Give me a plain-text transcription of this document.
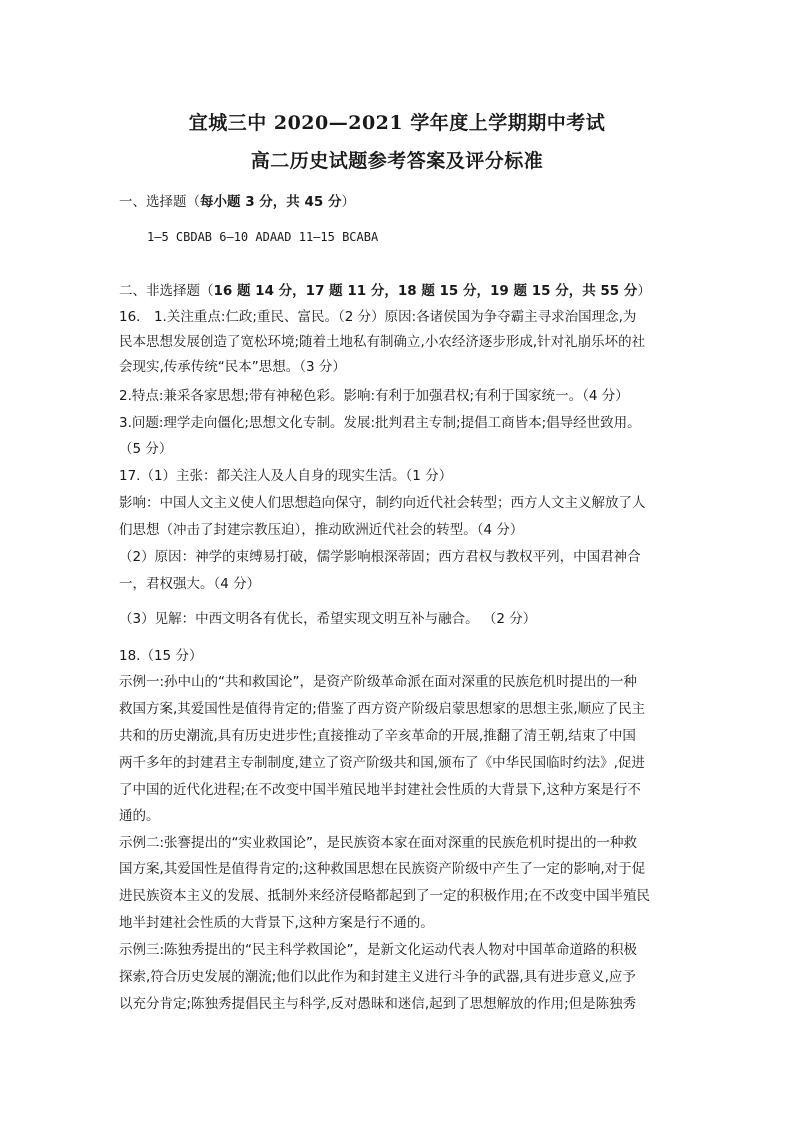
宜城三中 2020—2021 学年度上学期期中考试
高二历史试题参考答案及评分标准
一、选择题（每小题 3 分，共 45 分）
1—5 CBDAB 6—10 ADAAD 11—15 BCABA
二、非选择题（16 题 14 分，17 题 11 分，18 题 15 分，19 题 15 分，共 55 分）
16． 1.关注重点:仁政;重民、富民。（2 分）原因:各诸侯国为争夺霸主寻求治国理念,为
民本思想发展创造了宽松环境;随着土地私有制确立,小农经济逐步形成,针对礼崩乐坏的社
会现实,传承传统“民本”思想。（3 分）
2.特点:兼采各家思想;带有神秘色彩。影响:有利于加强君权;有利于国家统一。（4 分）
3.问题:理学走向僵化;思想文化专制。发展:批判君主专制;提倡工商皆本;倡导经世致用。
（5 分）
17.（1）主张：都关注人及人自身的现实生活。（1 分）
影响：中国人文主义使人们思想趋向保守，制约向近代社会转型；西方人文主义解放了人
们思想（冲击了封建宗教压迫），推动欧洲近代社会的转型。（4 分）
（2）原因：神学的束缚易打破，儒学影响根深蒂固；西方君权与教权平列，中国君神合
一，君权强大。（4 分）
（3）见解：中西文明各有优长，希望实现文明互补与融合。 （2 分）
18.（15 分）
示例一:孙中山的“共和救国论”，是资产阶级革命派在面对深重的民族危机时提出的一种
救国方案,其爱国性是值得肯定的;借鉴了西方资产阶级启蒙思想家的思想主张,顺应了民主
共和的历史潮流,具有历史进步性;直接推动了辛亥革命的开展,推翻了清王朝,结束了中国
两千多年的封建君主专制制度,建立了资产阶级共和国,颁布了《中华民国临时约法》,促进
了中国的近代化进程;在不改变中国半殖民地半封建社会性质的大背景下,这种方案是行不
通的。
示例二:张謇提出的“实业救国论”，是民族资本家在面对深重的民族危机时提出的一种救
国方案,其爱国性是值得肯定的;这种救国思想在民族资产阶级中产生了一定的影响,对于促
进民族资本主义的发展、抵制外来经济侵略都起到了一定的积极作用;在不改变中国半殖民
地半封建社会性质的大背景下,这种方案是行不通的。
示例三:陈独秀提出的“民主科学救国论”，是新文化运动代表人物对中国革命道路的积极
探索,符合历史发展的潮流;他们以此作为和封建主义进行斗争的武器,具有进步意义,应予
以充分肯定;陈独秀提倡民主与科学,反对愚昧和迷信,起到了思想解放的作用;但是陈独秀
